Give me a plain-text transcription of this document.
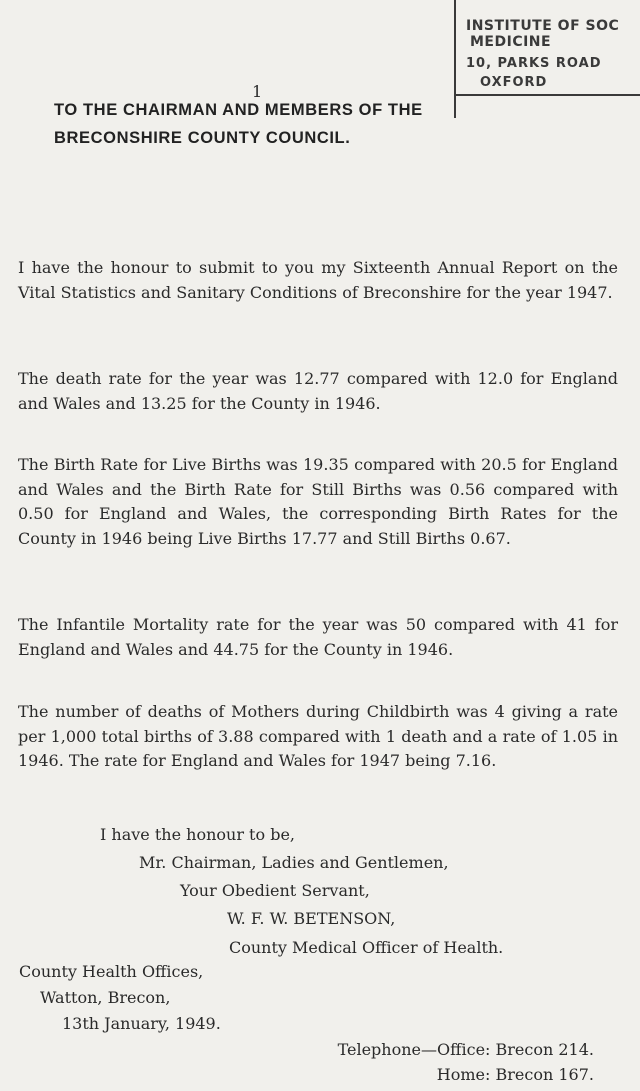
INSTITUTE OF SOC
MEDICINE
10, PARKS ROAD
OXFORD
1
TO THE CHAIRMAN AND MEMBERS OF THE
BRECONSHIRE COUNTY COUNCIL.

I have the honour to submit to you my Sixteenth Annual Report on the Vital Statistics and Sanitary Conditions of Breconshire for the year 1947.

The death rate for the year was 12.77 compared with 12.0 for England and Wales and 13.25 for the County in 1946.

The Birth Rate for Live Births was 19.35 compared with 20.5 for England and Wales and the Birth Rate for Still Births was 0.56 compared with 0.50 for England and Wales, the corresponding Birth Rates for the County in 1946 being Live Births 17.77 and Still Births 0.67.

The Infantile Mortality rate for the year was 50 compared with 41 for England and Wales and 44.75 for the County in 1946.

The number of deaths of Mothers during Childbirth was 4 giving a rate per 1,000 total births of 3.88 compared with 1 death and a rate of 1.05 in 1946. The rate for England and Wales for 1947 being 7.16.

I have the honour to be,
Mr. Chairman, Ladies and Gentlemen,
Your Obedient Servant,
W. F. W. BETENSON,
County Medical Officer of Health.
County Health Offices,
Watton, Brecon,
13th January, 1949.
Telephone—Office: Brecon 214.
Home: Brecon 167.
